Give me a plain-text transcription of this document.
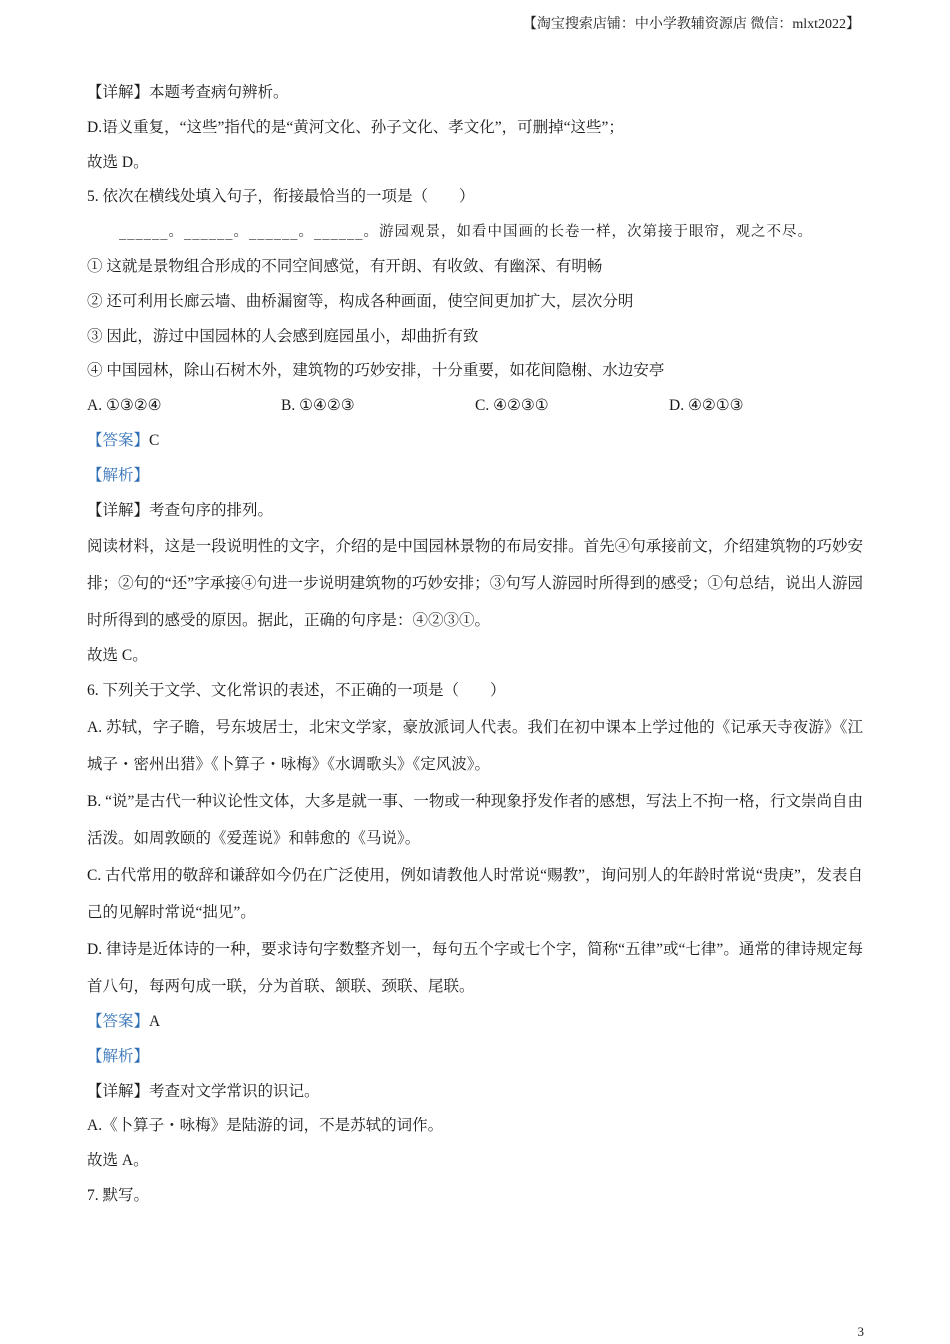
【淘宝搜索店铺：中小学教辅资源店 微信：mlxt2022】
【详解】本题考查病句辨析。
D.语义重复，“这些”指代的是“黄河文化、孙子文化、孝文化”，可删掉“这些”；
故选 D。
5. 依次在横线处填入句子，衔接最恰当的一项是（　　）
______。______。______。______。游园观景，如看中国画的长卷一样，次第接于眼帘，观之不尽。
① 这就是景物组合形成的不同空间感觉，有开朗、有收敛、有幽深、有明畅
② 还可利用长廊云墙、曲桥漏窗等，构成各种画面，使空间更加扩大，层次分明
③ 因此，游过中国园林的人会感到庭园虽小，却曲折有致
④ 中国园林，除山石树木外，建筑物的巧妙安排，十分重要，如花间隐榭、水边安亭
A. ①③②④	B. ①④②③	C. ④②③①	D. ④②①③
【答案】C
【解析】
【详解】考查句序的排列。
阅读材料，这是一段说明性的文字，介绍的是中国园林景物的布局安排。首先④句承接前文，介绍建筑物的巧妙安排；②句的“还”字承接④句进一步说明建筑物的巧妙安排；③句写人游园时所得到的感受；①句总结，说出人游园时所得到的感受的原因。据此，正确的句序是：④②③①。
故选 C。
6. 下列关于文学、文化常识的表述，不正确的一项是（　　）
A. 苏轼，字子瞻，号东坡居士，北宋文学家，豪放派词人代表。我们在初中课本上学过他的《记承天寺夜游》《江城子・密州出猎》《卜算子・咏梅》《水调歌头》《定风波》。
B. “说”是古代一种议论性文体，大多是就一事、一物或一种现象抒发作者的感想，写法上不拘一格，行文崇尚自由活泼。如周敦颐的《爱莲说》和韩愈的《马说》。
C. 古代常用的敬辞和谦辞如今仍在广泛使用，例如请教他人时常说“赐教”，询问别人的年龄时常说“贵庚”，发表自己的见解时常说“拙见”。
D. 律诗是近体诗的一种，要求诗句字数整齐划一，每句五个字或七个字，简称“五律”或“七律”。通常的律诗规定每首八句，每两句成一联，分为首联、颔联、颈联、尾联。
【答案】A
【解析】
【详解】考查对文学常识的识记。
A.《卜算子・咏梅》是陆游的词，不是苏轼的词作。
故选 A。
7. 默写。
3
